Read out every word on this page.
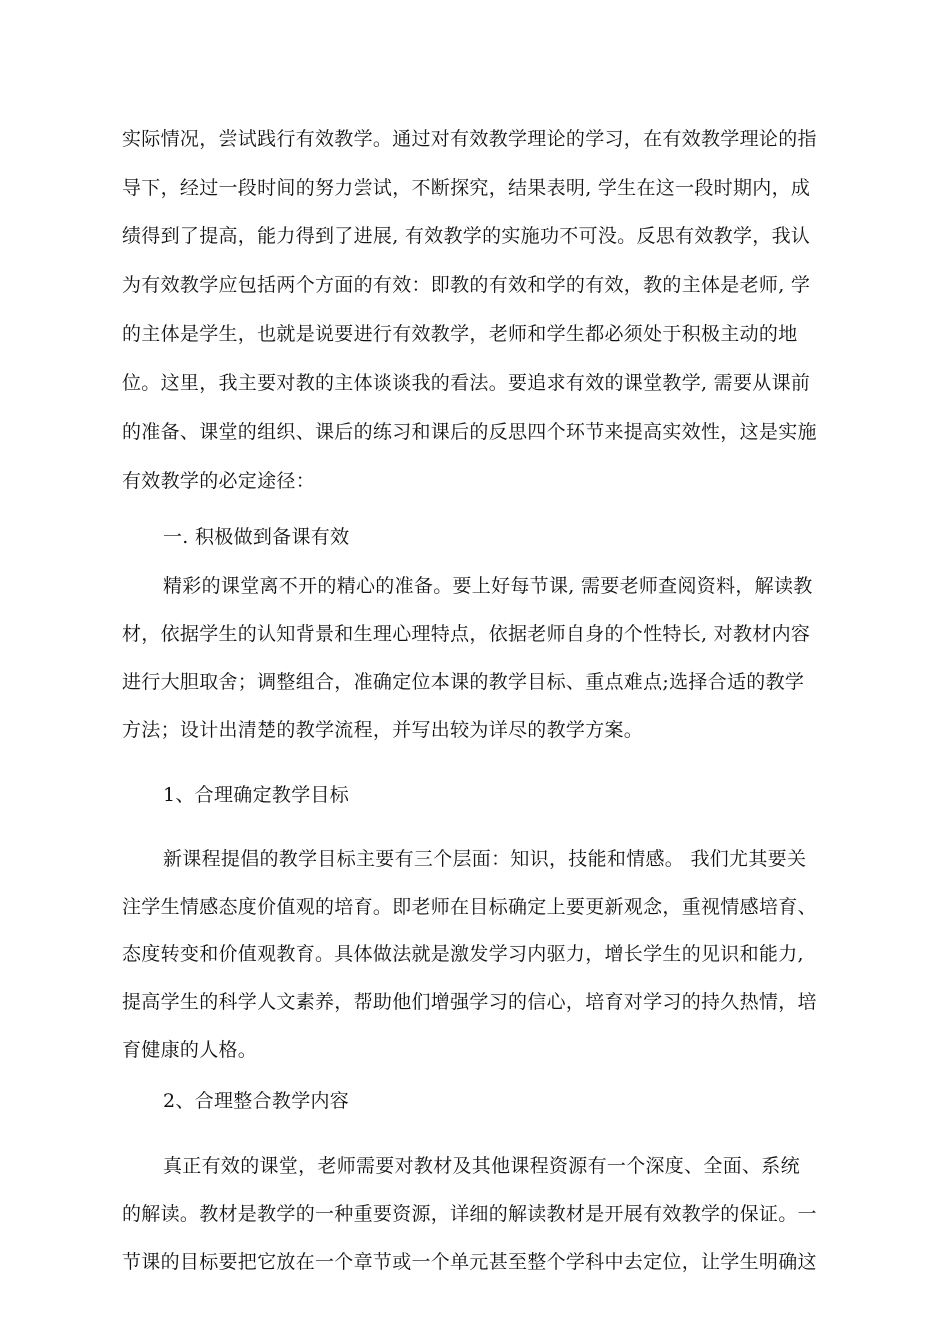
实际情况，尝试践行有效教学。通过对有效教学理论的学习，在有效教学理论的指
导下，经过一段时间的努力尝试，不断探究，结果表明, 学生在这一段时期内，成
绩得到了提高，能力得到了进展, 有效教学的实施功不可没。反思有效教学，我认
为有效教学应包括两个方面的有效：即教的有效和学的有效，教的主体是老师, 学
的主体是学生，也就是说要进行有效教学，老师和学生都必须处于积极主动的地
位。这里，我主要对教的主体谈谈我的看法。要追求有效的课堂教学, 需要从课前
的准备、课堂的组织、课后的练习和课后的反思四个环节来提高实效性，这是实施
有效教学的必定途径：
一. 积极做到备课有效
精彩的课堂离不开的精心的准备。要上好每节课, 需要老师查阅资料，解读教
材，依据学生的认知背景和生理心理特点，依据老师自身的个性特长, 对教材内容
进行大胆取舍；调整组合，准确定位本课的教学目标、重点难点;选择合适的教学
方法；设计出清楚的教学流程，并写出较为详尽的教学方案。
1、合理确定教学目标
新课程提倡的教学目标主要有三个层面：知识，技能和情感。 我们尤其要关
注学生情感态度价值观的培育。即老师在目标确定上要更新观念，重视情感培育、
态度转变和价值观教育。具体做法就是激发学习内驱力，增长学生的见识和能力,
提高学生的科学人文素养，帮助他们增强学习的信心，培育对学习的持久热情，培
育健康的人格。
2、合理整合教学内容
真正有效的课堂，老师需要对教材及其他课程资源有一个深度、全面、系统
的解读。教材是教学的一种重要资源，详细的解读教材是开展有效教学的保证。一
节课的目标要把它放在一个章节或一个单元甚至整个学科中去定位，让学生明确这
